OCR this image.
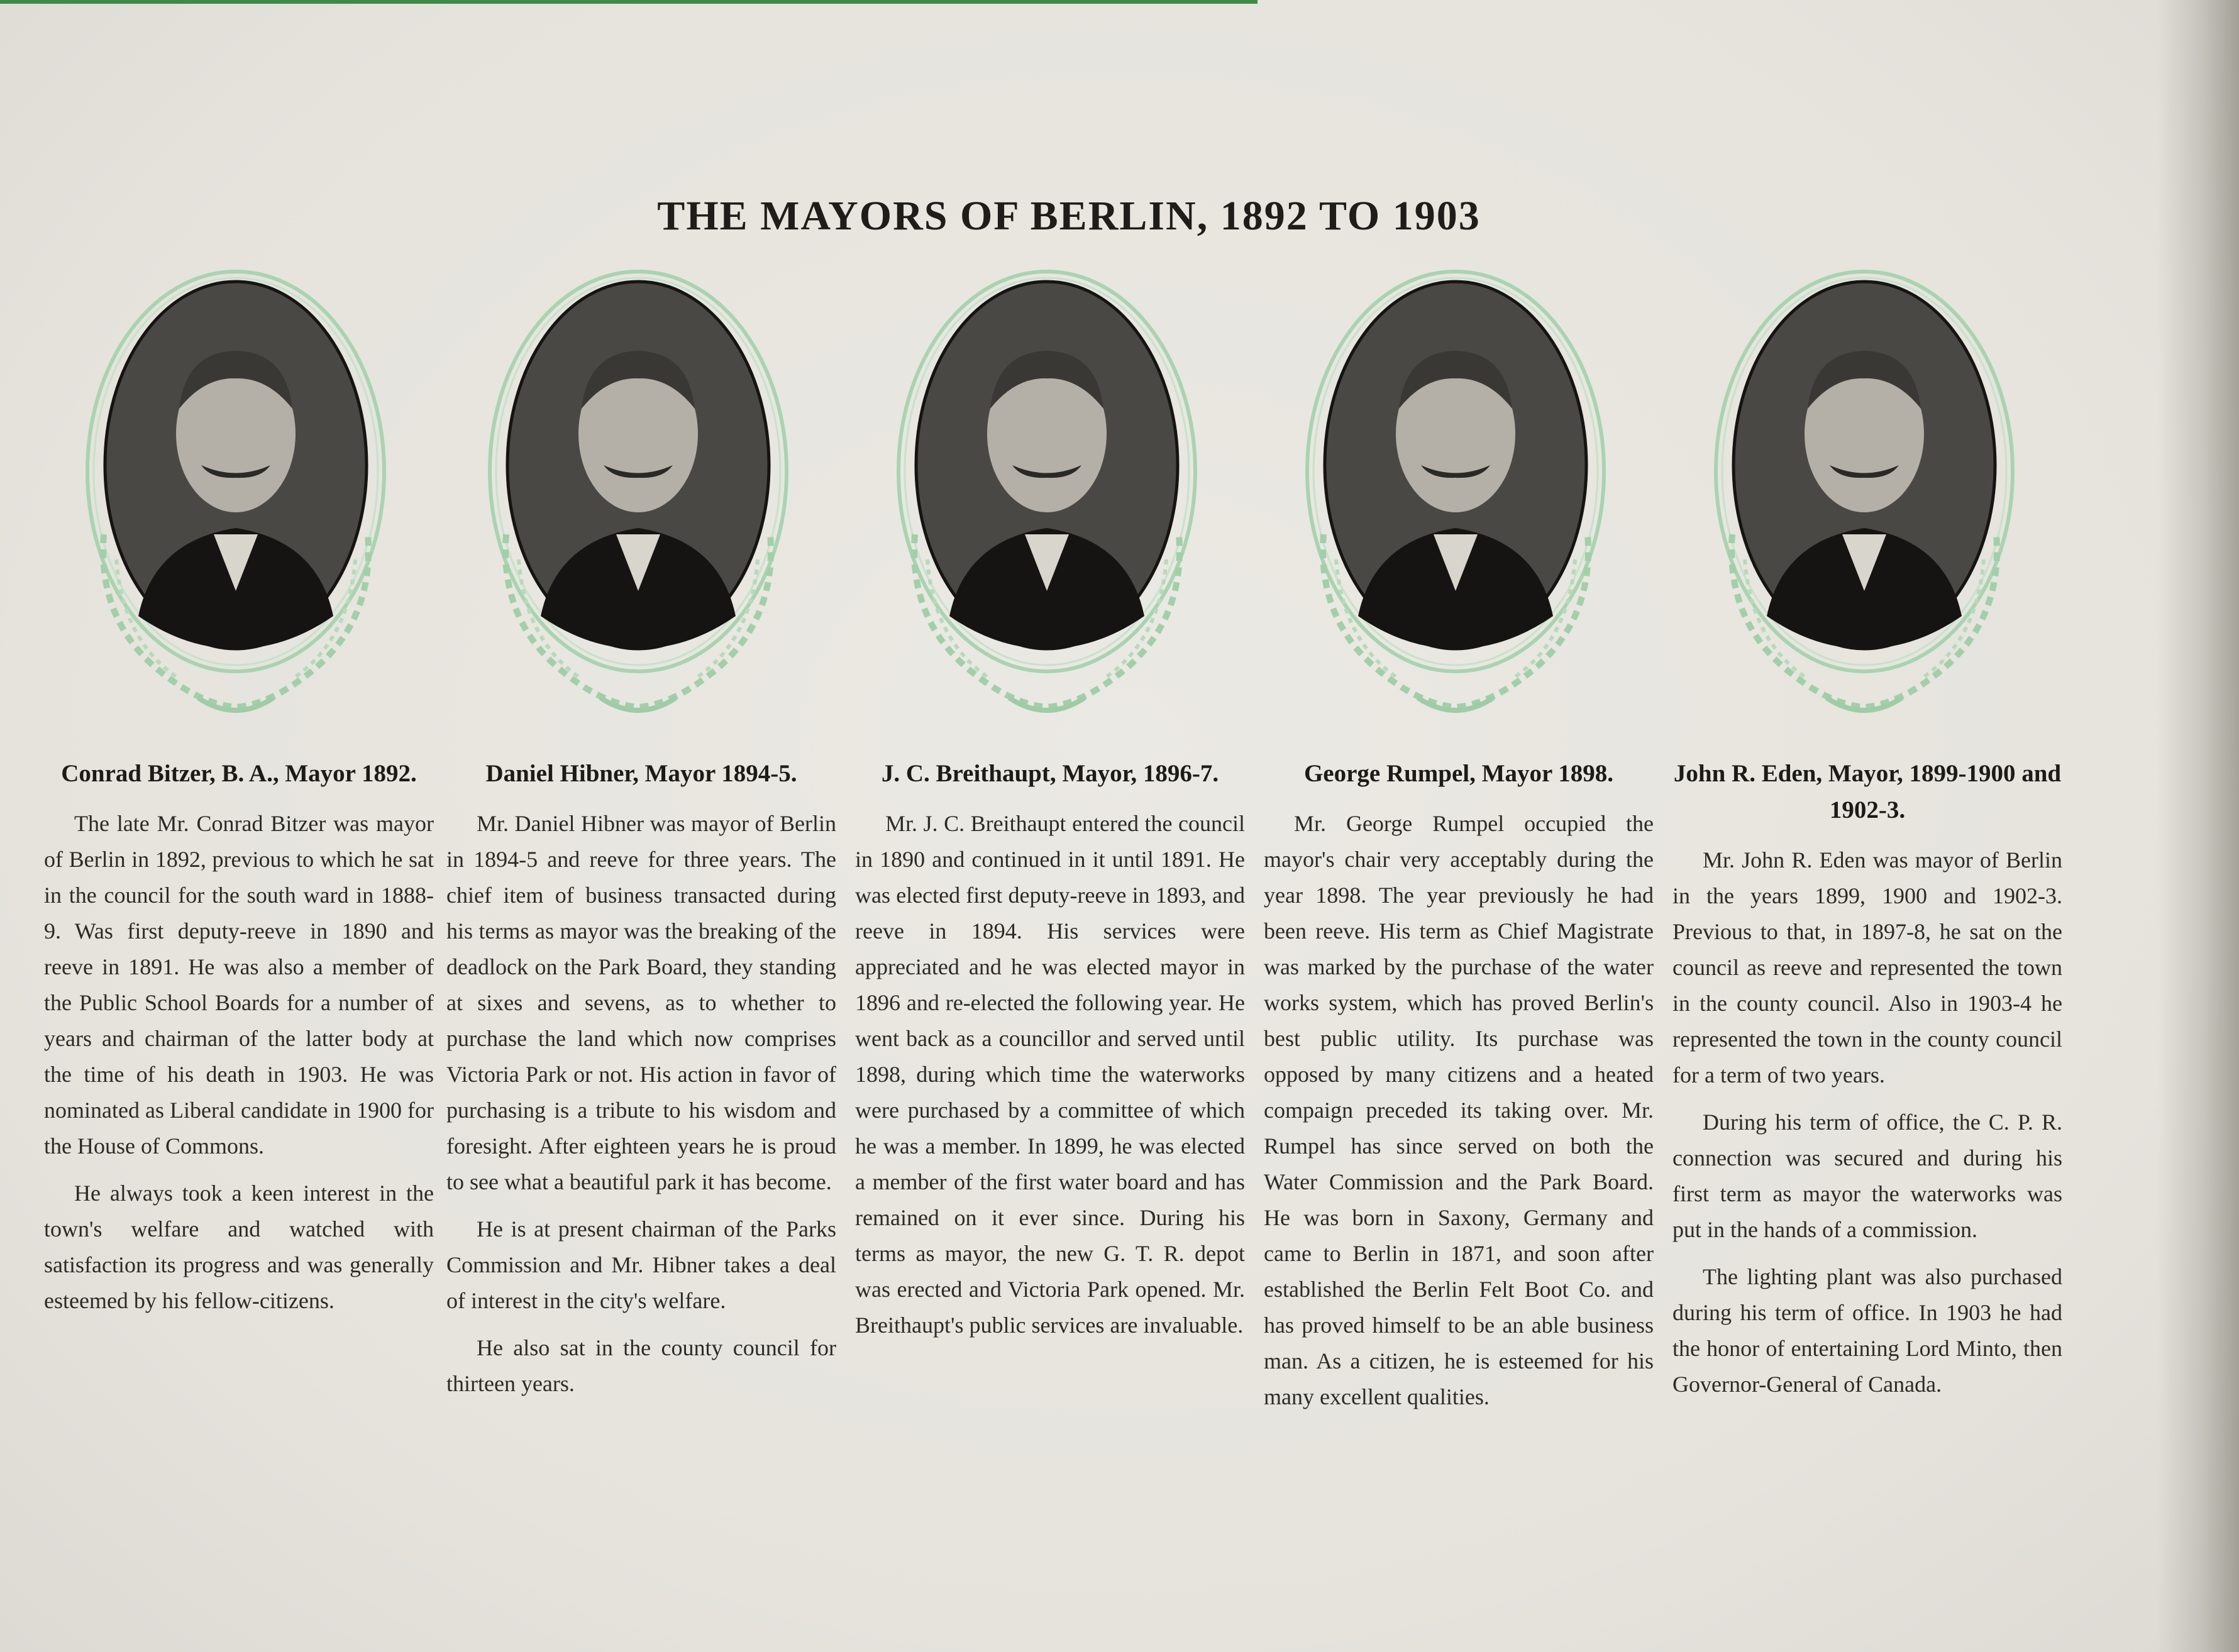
THE MAYORS OF BERLIN, 1892 TO 1903
Conrad Bitzer, B. A., Mayor 1892.

The late Mr. Conrad Bitzer was mayor of Berlin in 1892, previous to which he sat in the council for the south ward in 1888-9. Was first deputy-reeve in 1890 and reeve in 1891. He was also a member of the Public School Boards for a number of years and chairman of the latter body at the time of his death in 1903. He was nominated as Liberal candidate in 1900 for the House of Commons.

He always took a keen interest in the town's welfare and watched with satisfaction its progress and was generally esteemed by his fellow-citizens.

Daniel Hibner, Mayor 1894-5.

Mr. Daniel Hibner was mayor of Berlin in 1894-5 and reeve for three years. The chief item of business transacted during his terms as mayor was the breaking of the deadlock on the Park Board, they standing at sixes and sevens, as to whether to purchase the land which now comprises Victoria Park or not. His action in favor of purchasing is a tribute to his wisdom and foresight. After eighteen years he is proud to see what a beautiful park it has become.

He is at present chairman of the Parks Commission and Mr. Hibner takes a deal of interest in the city's welfare.

He also sat in the county council for thirteen years.

J. C. Breithaupt, Mayor, 1896-7.

Mr. J. C. Breithaupt entered the council in 1890 and continued in it until 1891. He was elected first deputy-reeve in 1893, and reeve in 1894. His services were appreciated and he was elected mayor in 1896 and re-elected the following year. He went back as a councillor and served until 1898, during which time the waterworks were purchased by a committee of which he was a member. In 1899, he was elected a member of the first water board and has remained on it ever since. During his terms as mayor, the new G. T. R. depot was erected and Victoria Park opened. Mr. Breithaupt's public services are invaluable.

George Rumpel, Mayor 1898.

Mr. George Rumpel occupied the mayor's chair very acceptably during the year 1898. The year previously he had been reeve. His term as Chief Magistrate was marked by the purchase of the water works system, which has proved Berlin's best public utility. Its purchase was opposed by many citizens and a heated compaign preceded its taking over. Mr. Rumpel has since served on both the Water Commission and the Park Board. He was born in Saxony, Germany and came to Berlin in 1871, and soon after established the Berlin Felt Boot Co. and has proved himself to be an able business man. As a citizen, he is esteemed for his many excellent qualities.

John R. Eden, Mayor, 1899-1900 and 1902-3.

Mr. John R. Eden was mayor of Berlin in the years 1899, 1900 and 1902-3. Previous to that, in 1897-8, he sat on the council as reeve and represented the town in the county council. Also in 1903-4 he represented the town in the county council for a term of two years.

During his term of office, the C. P. R. connection was secured and during his first term as mayor the waterworks was put in the hands of a commission.

The lighting plant was also purchased during his term of office. In 1903 he had the honor of entertaining Lord Minto, then Governor-General of Canada.
